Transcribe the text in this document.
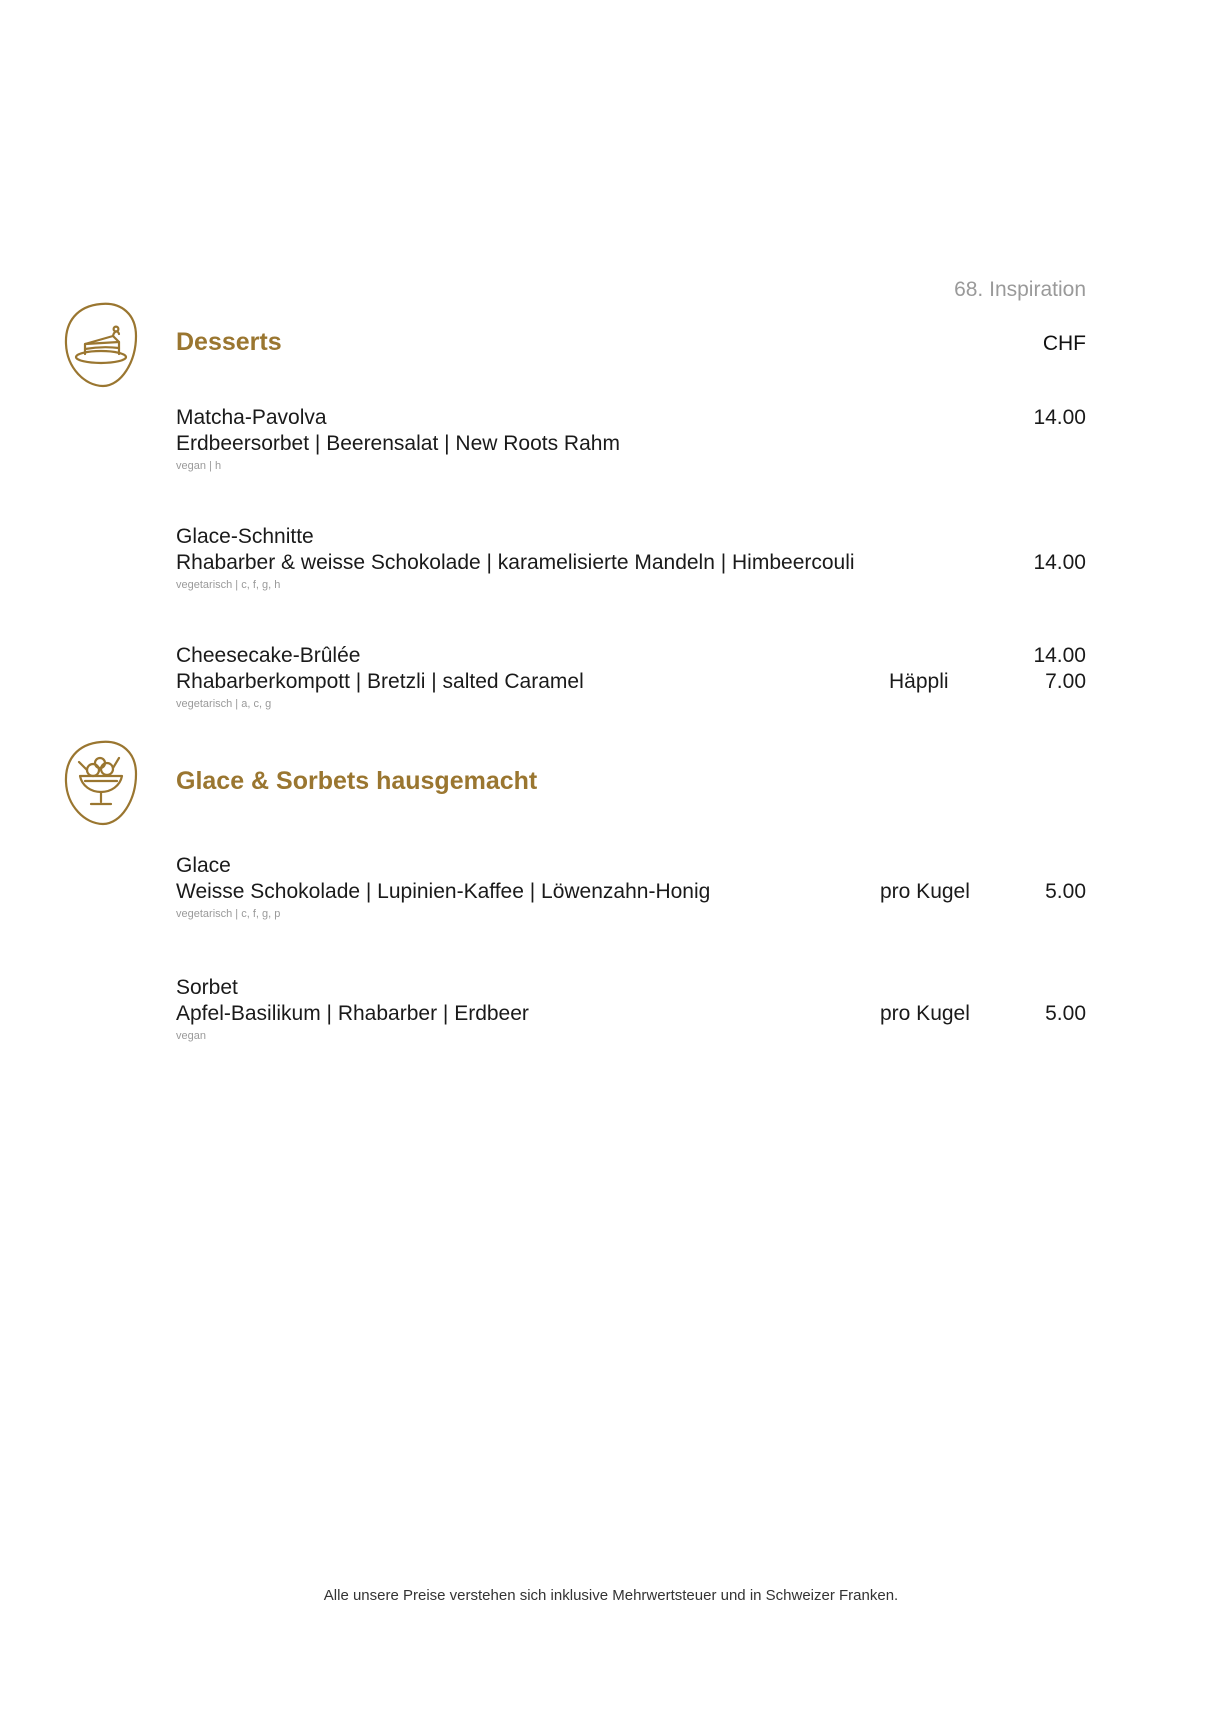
68. Inspiration
Desserts	CHF
Matcha-Pavolva	14.00
Erdbeersorbet | Beerensalat | New Roots Rahm
vegan | h
Glace-Schnitte
Rhabarber & weisse Schokolade | karamelisierte Mandeln | Himbeercouli	14.00
vegetarisch | c, f, g, h
Cheesecake-Brûlée	14.00
Rhabarberkompott | Bretzli | salted Caramel	Häppli	7.00
vegetarisch | a, c, g
Glace & Sorbets hausgemacht
Glace
Weisse Schokolade | Lupinien-Kaffee | Löwenzahn-Honig	pro Kugel	5.00
vegetarisch | c, f, g, p
Sorbet
Apfel-Basilikum | Rhabarber | Erdbeer	pro Kugel	5.00
vegan
Alle unsere Preise verstehen sich inklusive Mehrwertsteuer und in Schweizer Franken.
